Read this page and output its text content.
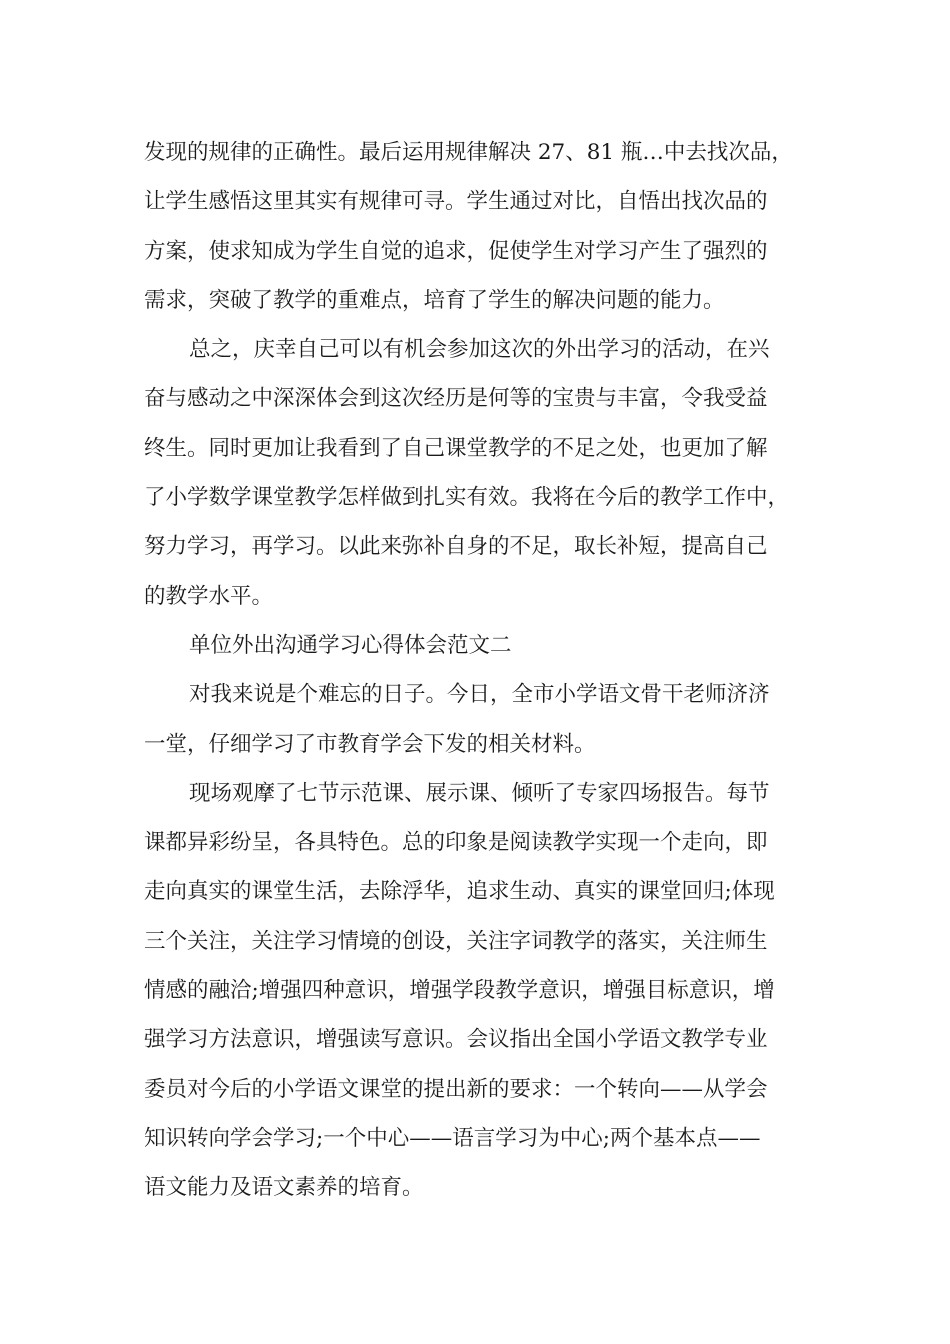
发现的规律的正确性。最后运用规律解决 27、81 瓶…中去找次品，
让学生感悟这里其实有规律可寻。学生通过对比，自悟出找次品的
方案，使求知成为学生自觉的追求，促使学生对学习产生了强烈的
需求，突破了教学的重难点，培育了学生的解决问题的能力。
总之，庆幸自己可以有机会参加这次的外出学习的活动，在兴
奋与感动之中深深体会到这次经历是何等的宝贵与丰富，令我受益
终生。同时更加让我看到了自己课堂教学的不足之处，也更加了解
了小学数学课堂教学怎样做到扎实有效。我将在今后的教学工作中，
努力学习，再学习。以此来弥补自身的不足，取长补短，提高自己
的教学水平。
单位外出沟通学习心得体会范文二
对我来说是个难忘的日子。今日，全市小学语文骨干老师济济
一堂，仔细学习了市教育学会下发的相关材料。
现场观摩了七节示范课、展示课、倾听了专家四场报告。每节
课都异彩纷呈，各具特色。总的印象是阅读教学实现一个走向，即
走向真实的课堂生活，去除浮华，追求生动、真实的课堂回归;体现
三个关注，关注学习情境的创设，关注字词教学的落实，关注师生
情感的融洽;增强四种意识，增强学段教学意识，增强目标意识，增
强学习方法意识，增强读写意识。会议指出全国小学语文教学专业
委员对今后的小学语文课堂的提出新的要求：一个转向——从学会
知识转向学会学习;一个中心——语言学习为中心;两个基本点——
语文能力及语文素养的培育。
